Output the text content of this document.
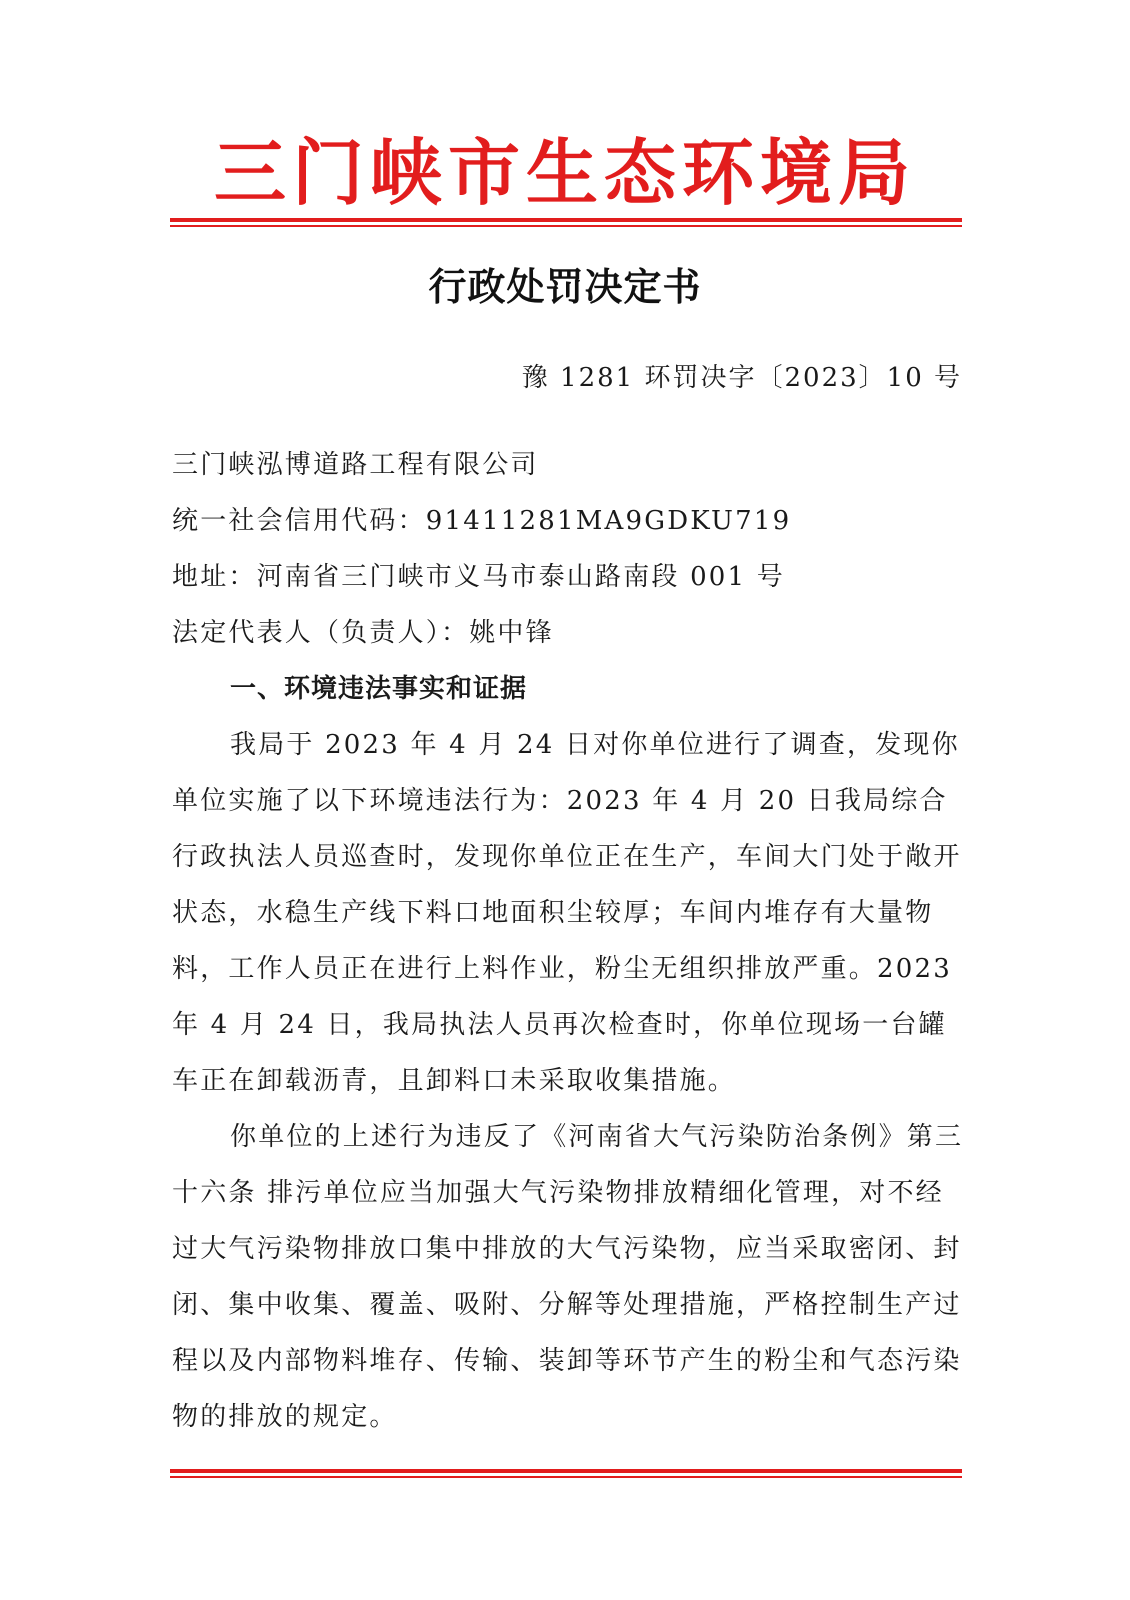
三门峡市生态环境局
行政处罚决定书
豫 1281 环罚决字〔2023〕10 号

三门峡泓博道路工程有限公司

统一社会信用代码：91411281MA9GDKU719

地址：河南省三门峡市义马市泰山路南段 001 号

法定代表人（负责人）：姚中锋

一、环境违法事实和证据

我局于 2023 年 4 月 24 日对你单位进行了调查，发现你单位实施了以下环境违法行为：2023 年 4 月 20 日我局综合行政执法人员巡查时，发现你单位正在生产，车间大门处于敞开状态，水稳生产线下料口地面积尘较厚；车间内堆存有大量物料，工作人员正在进行上料作业，粉尘无组织排放严重。2023 年 4 月 24 日，我局执法人员再次检查时，你单位现场一台罐车正在卸载沥青，且卸料口未采取收集措施。

你单位的上述行为违反了《河南省大气污染防治条例》第三十六条 排污单位应当加强大气污染物排放精细化管理，对不经过大气污染物排放口集中排放的大气污染物，应当采取密闭、封闭、集中收集、覆盖、吸附、分解等处理措施，严格控制生产过程以及内部物料堆存、传输、装卸等环节产生的粉尘和气态污染物的排放的规定。
